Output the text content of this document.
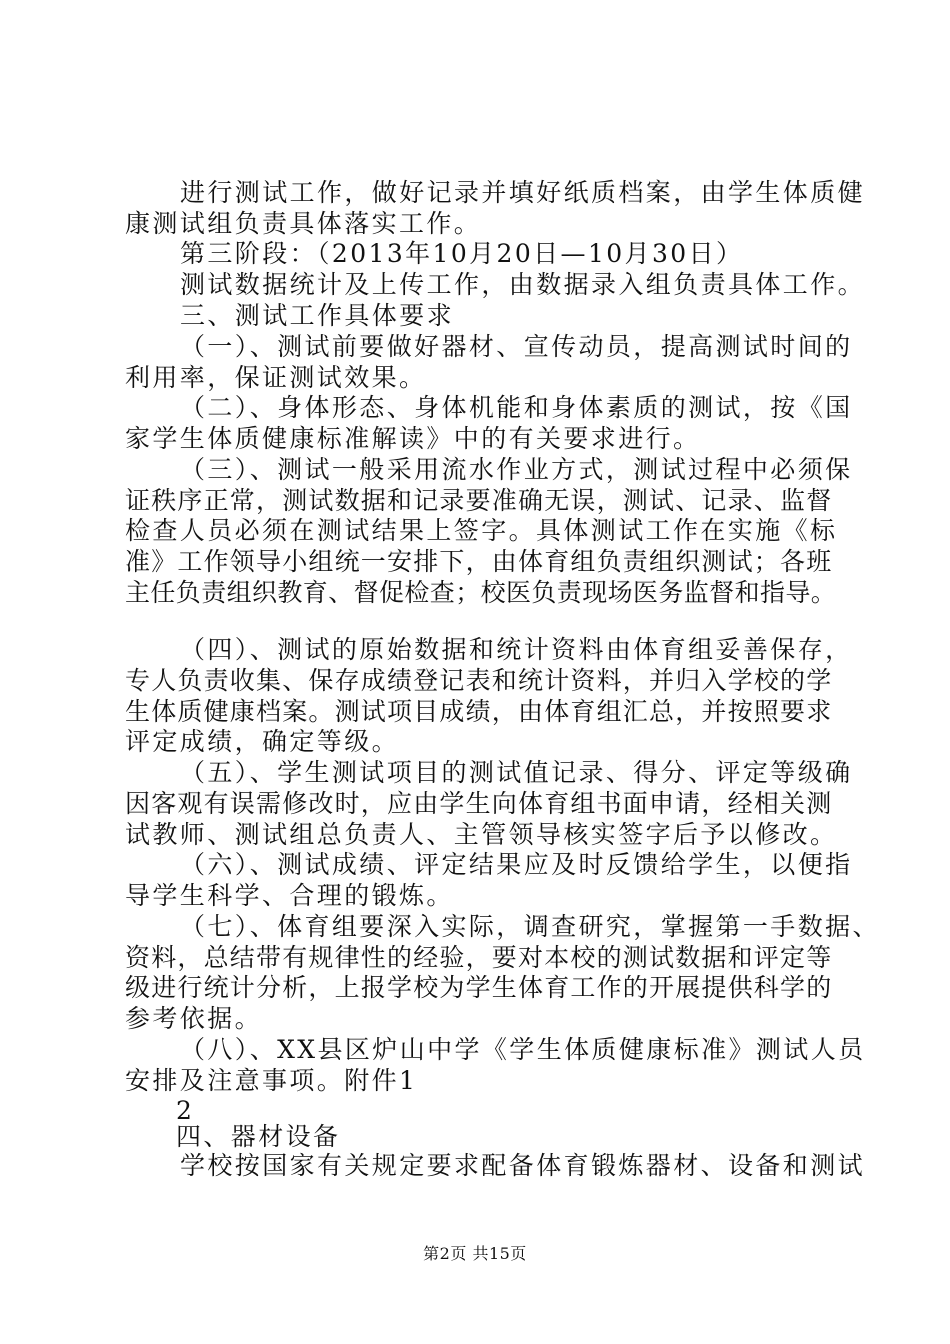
进行测试工作，做好记录并填好纸质档案，由学生体质健
康测试组负责具体落实工作。
第三阶段：（2013年10月20日—10月30日）
测试数据统计及上传工作，由数据录入组负责具体工作。
三、测试工作具体要求
（一）、测试前要做好器材、宣传动员，提高测试时间的
利用率，保证测试效果。
（二）、身体形态、身体机能和身体素质的测试，按《国
家学生体质健康标准解读》中的有关要求进行。
（三）、测试一般采用流水作业方式，测试过程中必须保
证秩序正常，测试数据和记录要准确无误，测试、记录、监督
检查人员必须在测试结果上签字。具体测试工作在实施《标
准》工作领导小组统一安排下，由体育组负责组织测试；各班
主任负责组织教育、督促检查；校医负责现场医务监督和指导。
（四）、测试的原始数据和统计资料由体育组妥善保存，
专人负责收集、保存成绩登记表和统计资料，并归入学校的学
生体质健康档案。测试项目成绩，由体育组汇总，并按照要求
评定成绩，确定等级。
（五）、学生测试项目的测试值记录、得分、评定等级确
因客观有误需修改时，应由学生向体育组书面申请，经相关测
试教师、测试组总负责人、主管领导核实签字后予以修改。
（六）、测试成绩、评定结果应及时反馈给学生，以便指
导学生科学、合理的锻炼。
（七）、体育组要深入实际，调查研究，掌握第一手数据、
资料，总结带有规律性的经验，要对本校的测试数据和评定等
级进行统计分析，上报学校为学生体育工作的开展提供科学的
参考依据。
（八）、XX县区炉山中学《学生体质健康标准》测试人员
安排及注意事项。附件1
2
四、器材设备
学校按国家有关规定要求配备体育锻炼器材、设备和测试
第2页 共15页
